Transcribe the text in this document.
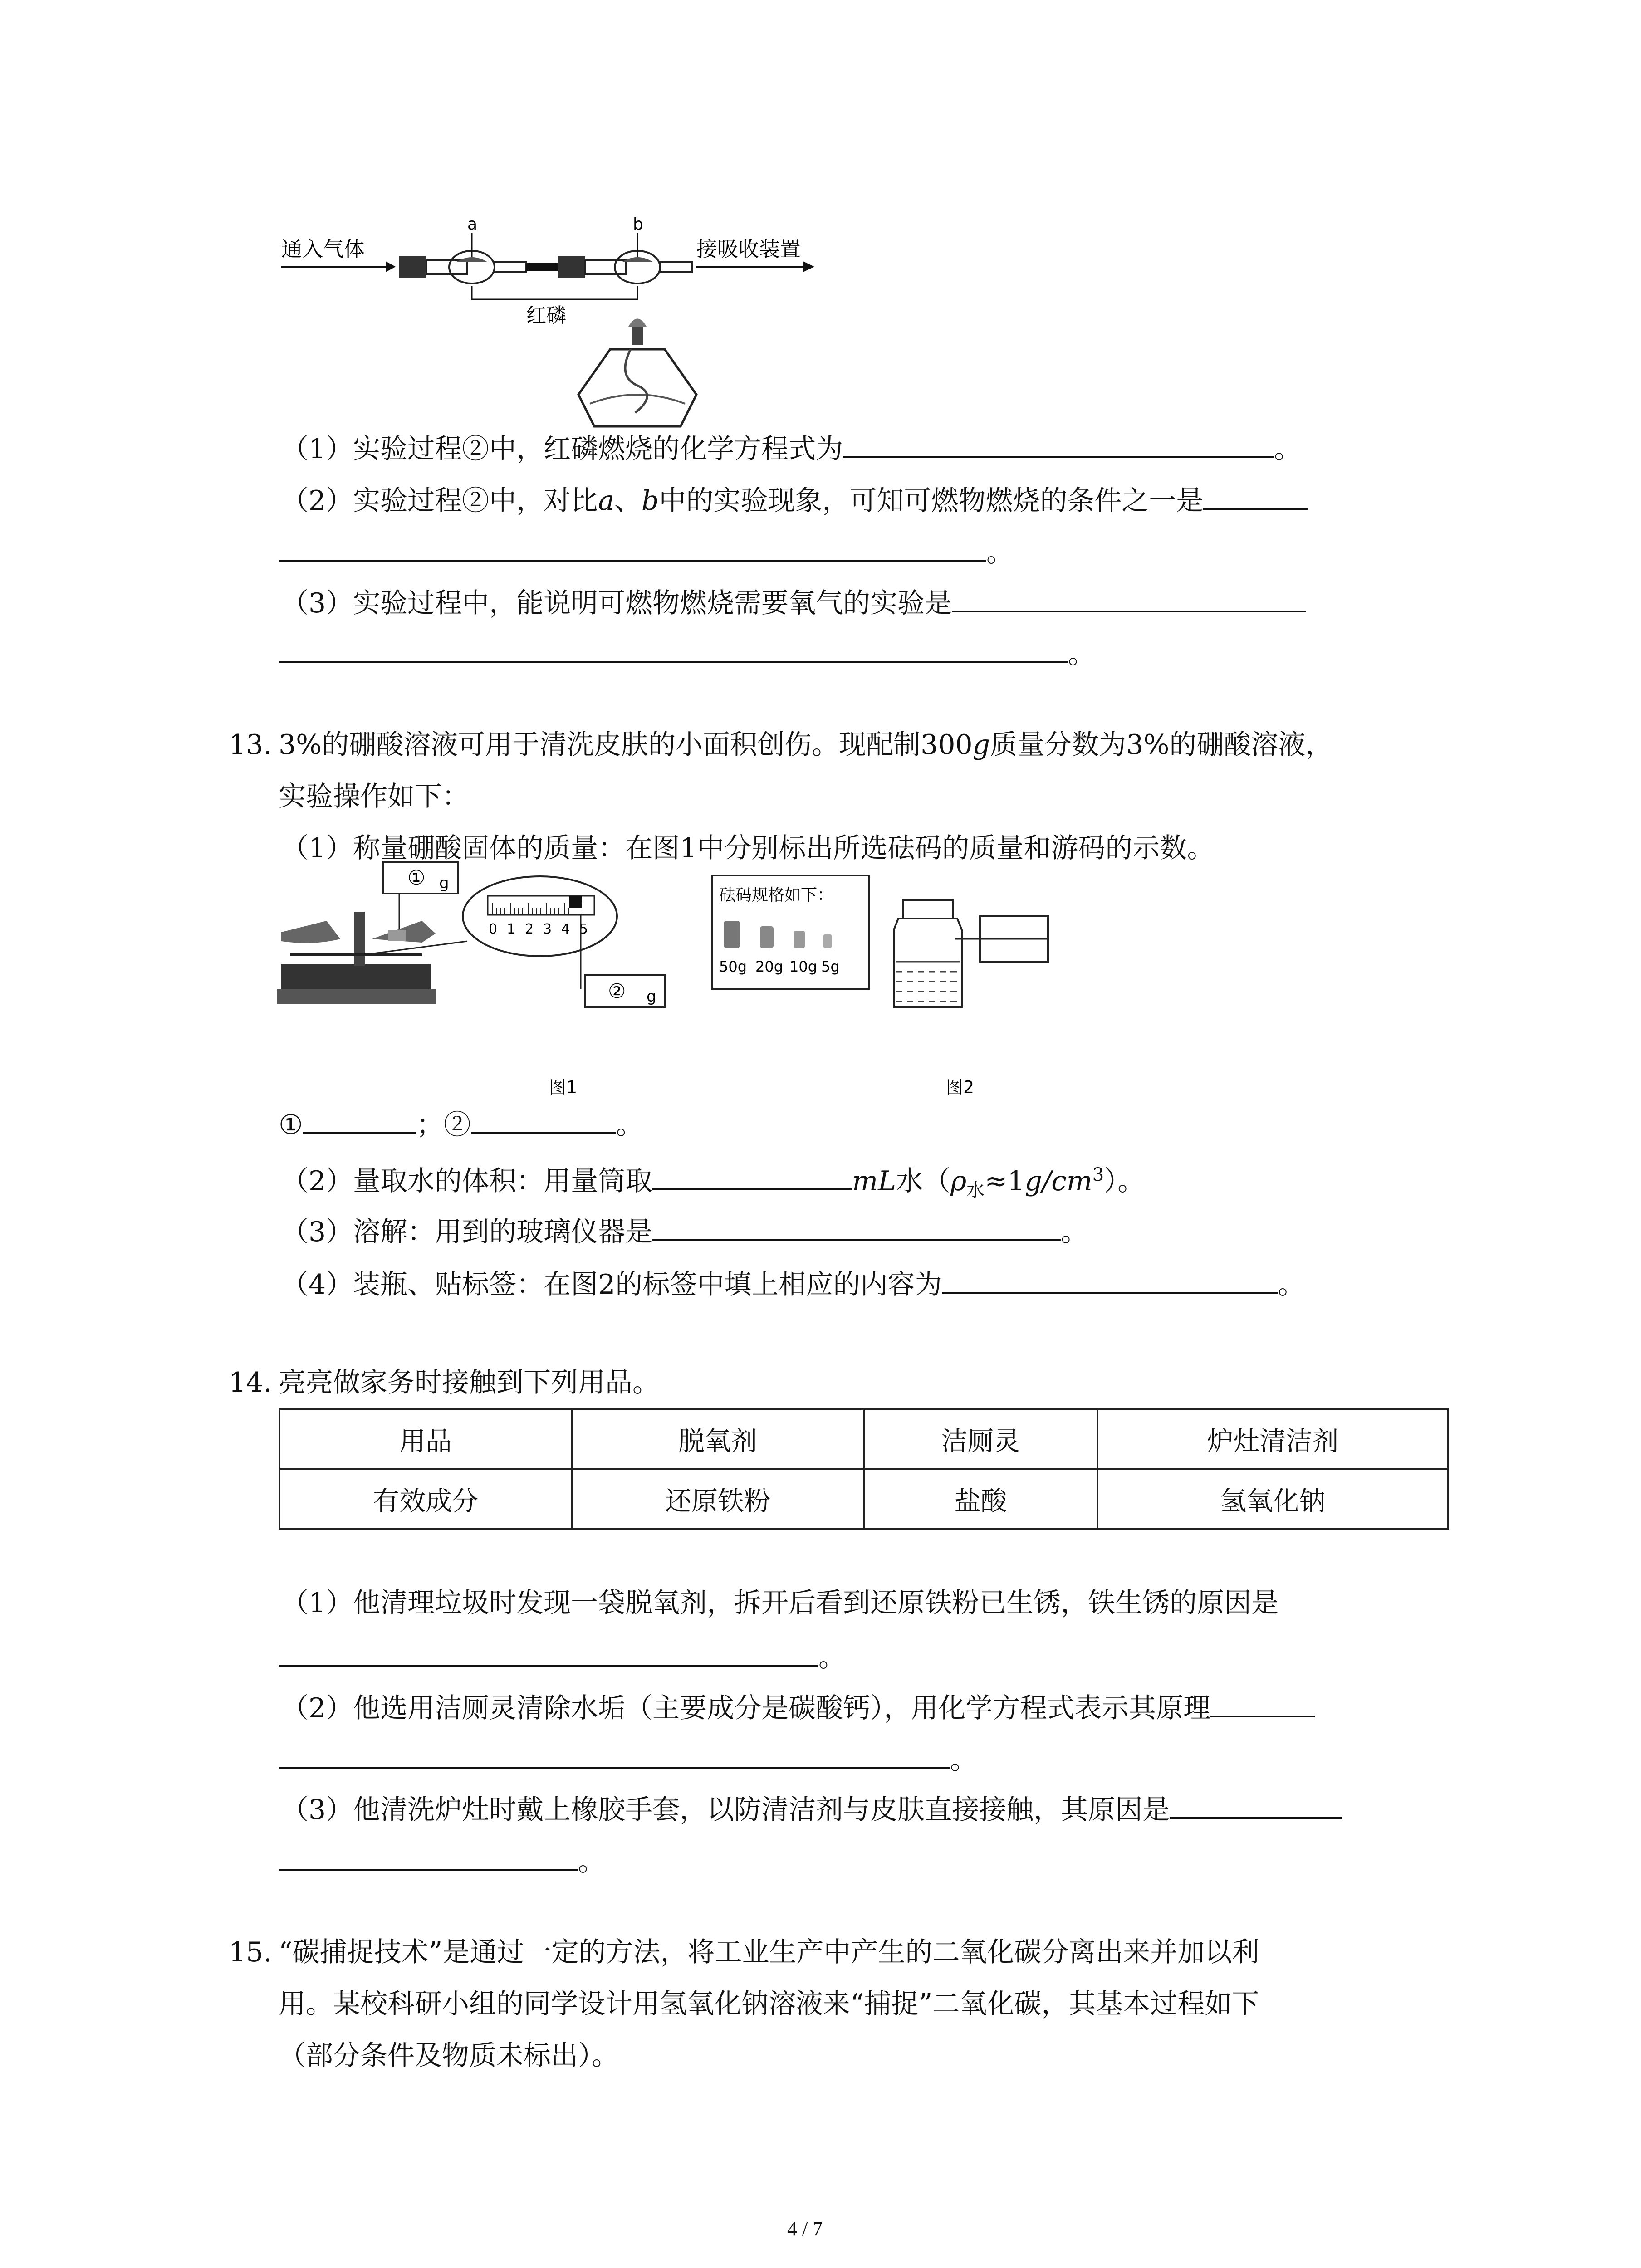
通入气体
a	b
接吸收装置
红磷
（1）实验过程②中，红磷燃烧的化学方程式为	。
（2）实验过程②中，对比a、b中的实验现象，可知可燃物燃烧的条件之一是
。
（3）实验过程中，能说明可燃物燃烧需要氧气的实验是
。
13. 3%的硼酸溶液可用于清洗皮肤的小面积创伤。现配制300g质量分数为3%的硼酸溶液，
实验操作如下：
（1）称量硼酸固体的质量：在图1中分别标出所选砝码的质量和游码的示数。
① g
0 1 2 3 4 5
② g
砝码规格如下：
50g 20g 10g 5g
图1	图2
①	；②	。
（2）量取水的体积：用量筒取	mL水$(\rho_水\approx 1g/cm^3)$。
（3）溶解：用到的玻璃仪器是	。
（4）装瓶、贴标签：在图2的标签中填上相应的内容为	。
14. 亮亮做家务时接触到下列用品。
用品	脱氧剂	洁厕灵	炉灶清洁剂
有效成分	还原铁粉	盐酸	氢氧化钠
（1）他清理垃圾时发现一袋脱氧剂，拆开后看到还原铁粉已生锈，铁生锈的原因是
。
（2）他选用洁厕灵清除水垢（主要成分是碳酸钙），用化学方程式表示其原理
。
（3）他清洗炉灶时戴上橡胶手套，以防清洁剂与皮肤直接接触，其原因是
。
15. “碳捕捉技术”是通过一定的方法，将工业生产中产生的二氧化碳分离出来并加以利
用。某校科研小组的同学设计用氢氧化钠溶液来“捕捉”二氧化碳，其基本过程如下
（部分条件及物质未标出）。
4 / 7
